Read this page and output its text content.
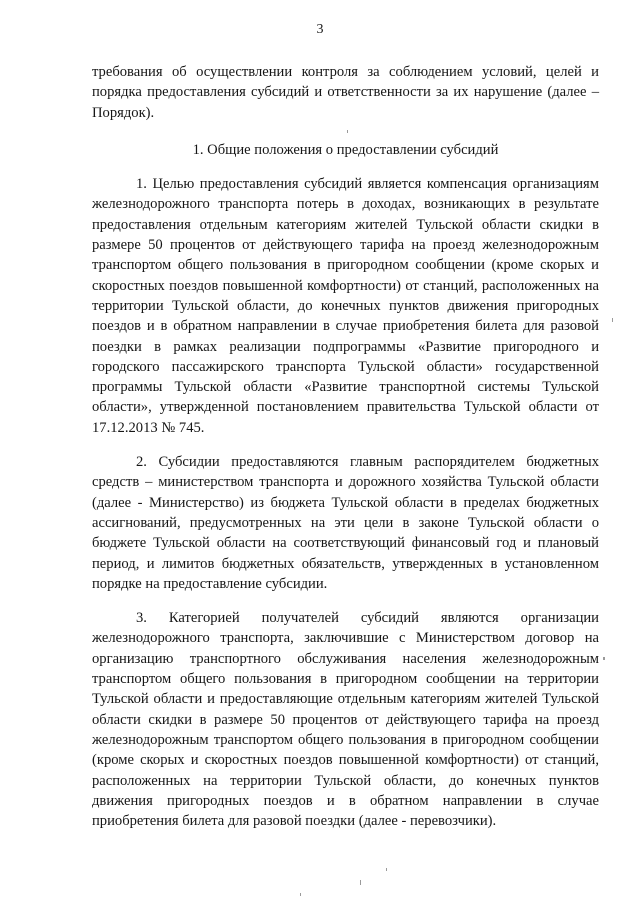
3

требования об осуществлении контроля за соблюдением условий, целей и порядка предоставления субсидий и ответственности за их нарушение (далее – Порядок).

1. Общие положения о предоставлении субсидий

1. Целью предоставления субсидий является компенсация организациям железнодорожного транспорта потерь в доходах, возникающих в результате предоставления отдельным категориям жителей Тульской области скидки в размере 50 процентов от действующего тарифа на проезд железнодорожным транспортом общего пользования в пригородном сообщении (кроме скорых и скоростных поездов повышенной комфортности) от станций, расположенных на территории Тульской области, до конечных пунктов движения пригородных поездов и в обратном направлении в случае приобретения билета для разовой поездки в рамках реализации подпрограммы «Развитие пригородного и городского пассажирского транспорта Тульской области» государственной программы Тульской области «Развитие транспортной системы Тульской области», утвержденной постановлением правительства Тульской области от 17.12.2013 № 745.

2. Субсидии предоставляются главным распорядителем бюджетных средств – министерством транспорта и дорожного хозяйства Тульской области (далее - Министерство) из бюджета Тульской области в пределах бюджетных ассигнований, предусмотренных на эти цели в законе Тульской области о бюджете Тульской области на соответствующий финансовый год и плановый период, и лимитов бюджетных обязательств, утвержденных в установленном порядке на предоставление субсидии.

3. Категорией получателей субсидий являются организации железнодорожного транспорта, заключившие с Министерством договор на организацию транспортного обслуживания населения железнодорожным транспортом общего пользования в пригородном сообщении на территории Тульской области и предоставляющие отдельным категориям жителей Тульской области скидки в размере 50 процентов от действующего тарифа на проезд железнодорожным транспортом общего пользования в пригородном сообщении (кроме скорых и скоростных поездов повышенной комфортности) от станций, расположенных на территории Тульской области, до конечных пунктов движения пригородных поездов и в обратном направлении в случае приобретения билета для разовой поездки (далее - перевозчики).
